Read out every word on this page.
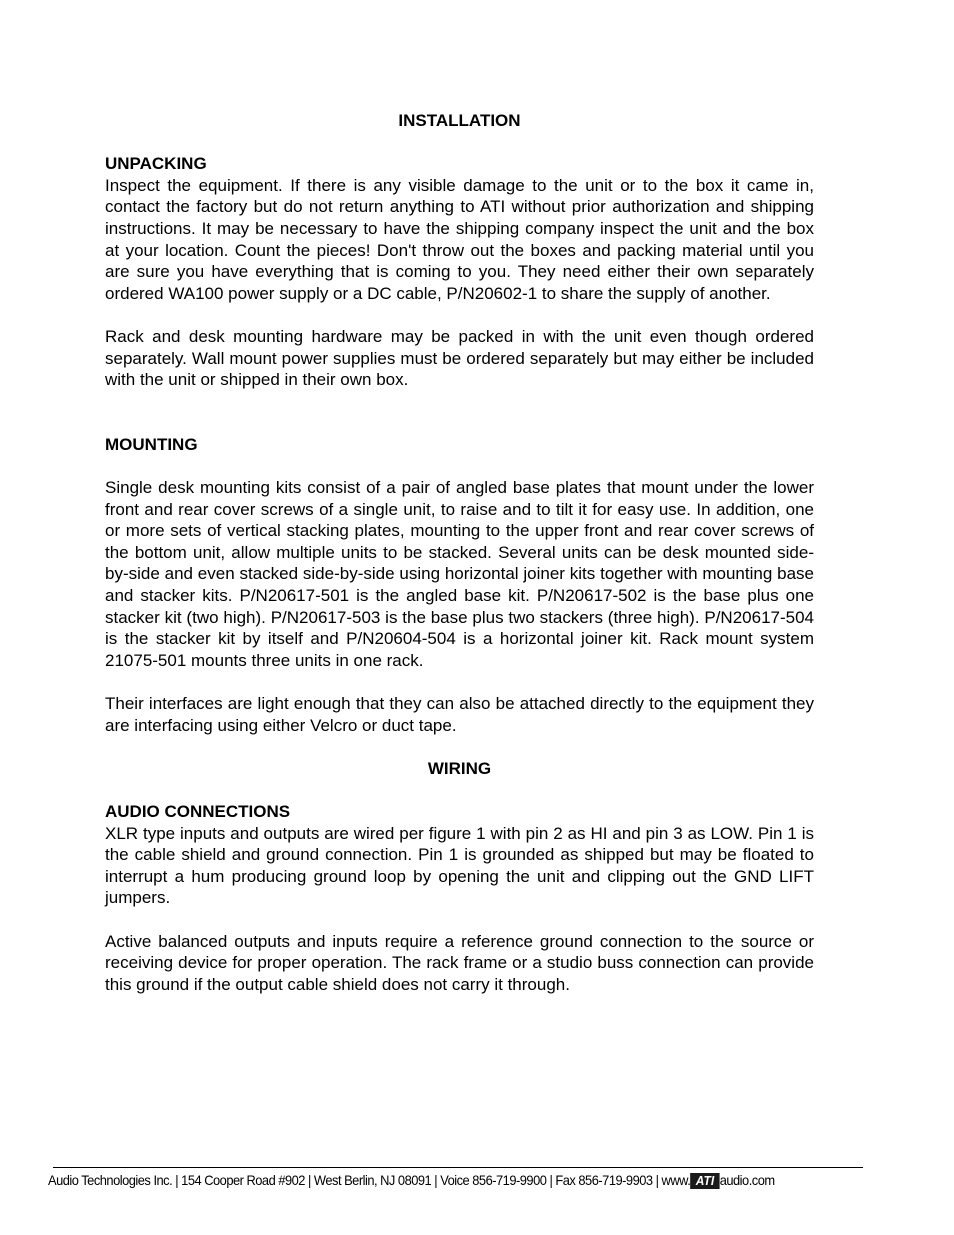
INSTALLATION
UNPACKING

Inspect the equipment. If there is any visible damage to the unit or to the box it came in, contact the factory but do not return anything to ATI without prior authorization and shipping instructions. It may be necessary to have the shipping company inspect the unit and the box at your location. Count the pieces! Don't throw out the boxes and packing material until you are sure you have everything that is coming to you. They need either their own separately ordered WA100 power supply or a DC cable, P/N20602-1 to share the supply of another.

Rack and desk mounting hardware may be packed in with the unit even though ordered separately. Wall mount power supplies must be ordered separately but may either be included with the unit or shipped in their own box.

MOUNTING

Single desk mounting kits consist of a pair of angled base plates that mount under the lower front and rear cover screws of a single unit, to raise and to tilt it for easy use. In addition, one or more sets of vertical stacking plates, mounting to the upper front and rear cover screws of the bottom unit, allow multiple units to be stacked. Several units can be desk mounted side-by-side and even stacked side-by-side using horizontal joiner kits together with mounting base and stacker kits. P/N20617-501 is the angled base kit. P/N20617-502 is the base plus one stacker kit (two high). P/N20617-503 is the base plus two stackers (three high). P/N20617-504 is the stacker kit by itself and P/N20604-504 is a horizontal joiner kit. Rack mount system 21075-501 mounts three units in one rack.

Their interfaces are light enough that they can also be attached directly to the equipment they are interfacing using either Velcro or duct tape.

WIRING
AUDIO CONNECTIONS

XLR type inputs and outputs are wired per figure 1 with pin 2 as HI and pin 3 as LOW. Pin 1 is the cable shield and ground connection. Pin 1 is grounded as shipped but may be floated to interrupt a hum producing ground loop by opening the unit and clipping out the GND LIFT jumpers.

Active balanced outputs and inputs require a reference ground connection to the source or receiving device for proper operation. The rack frame or a studio buss connection can provide this ground if the output cable shield does not carry it through.

Audio Technologies Inc. | 154 Cooper Road #902 | West Berlin, NJ 08091 | Voice 856-719-9900 | Fax 856-719-9903 | www. ATI audio.com
